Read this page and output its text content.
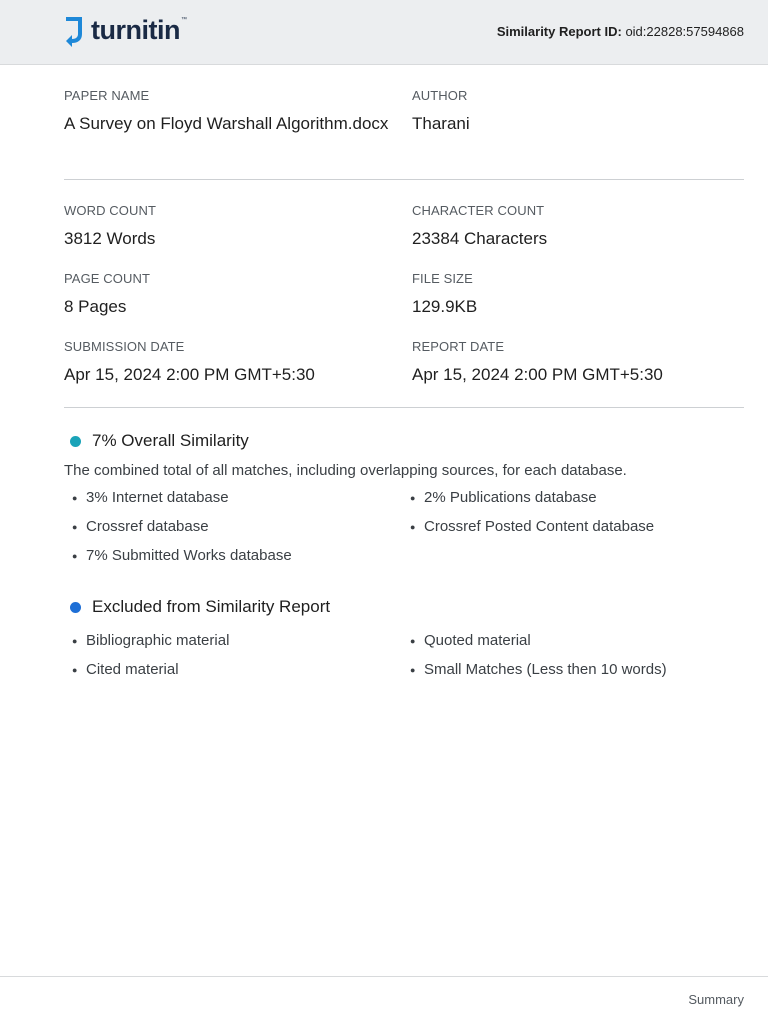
turnitin ™
Similarity Report ID: oid:22828:57594868
PAPER NAME
A Survey on Floyd Warshall Algorithm.docx
AUTHOR
Tharani
WORD COUNT
3812 Words
CHARACTER COUNT
23384 Characters
PAGE COUNT
8 Pages
FILE SIZE
129.9KB
SUBMISSION DATE
Apr 15, 2024 2:00 PM GMT+5:30
REPORT DATE
Apr 15, 2024 2:00 PM GMT+5:30
7% Overall Similarity
The combined total of all matches, including overlapping sources, for each database.
● 3% Internet database	● 2% Publications database
● Crossref database	● Crossref Posted Content database
● 7% Submitted Works database
Excluded from Similarity Report
● Bibliographic material	● Quoted material
● Cited material	● Small Matches (Less then 10 words)
Summary
